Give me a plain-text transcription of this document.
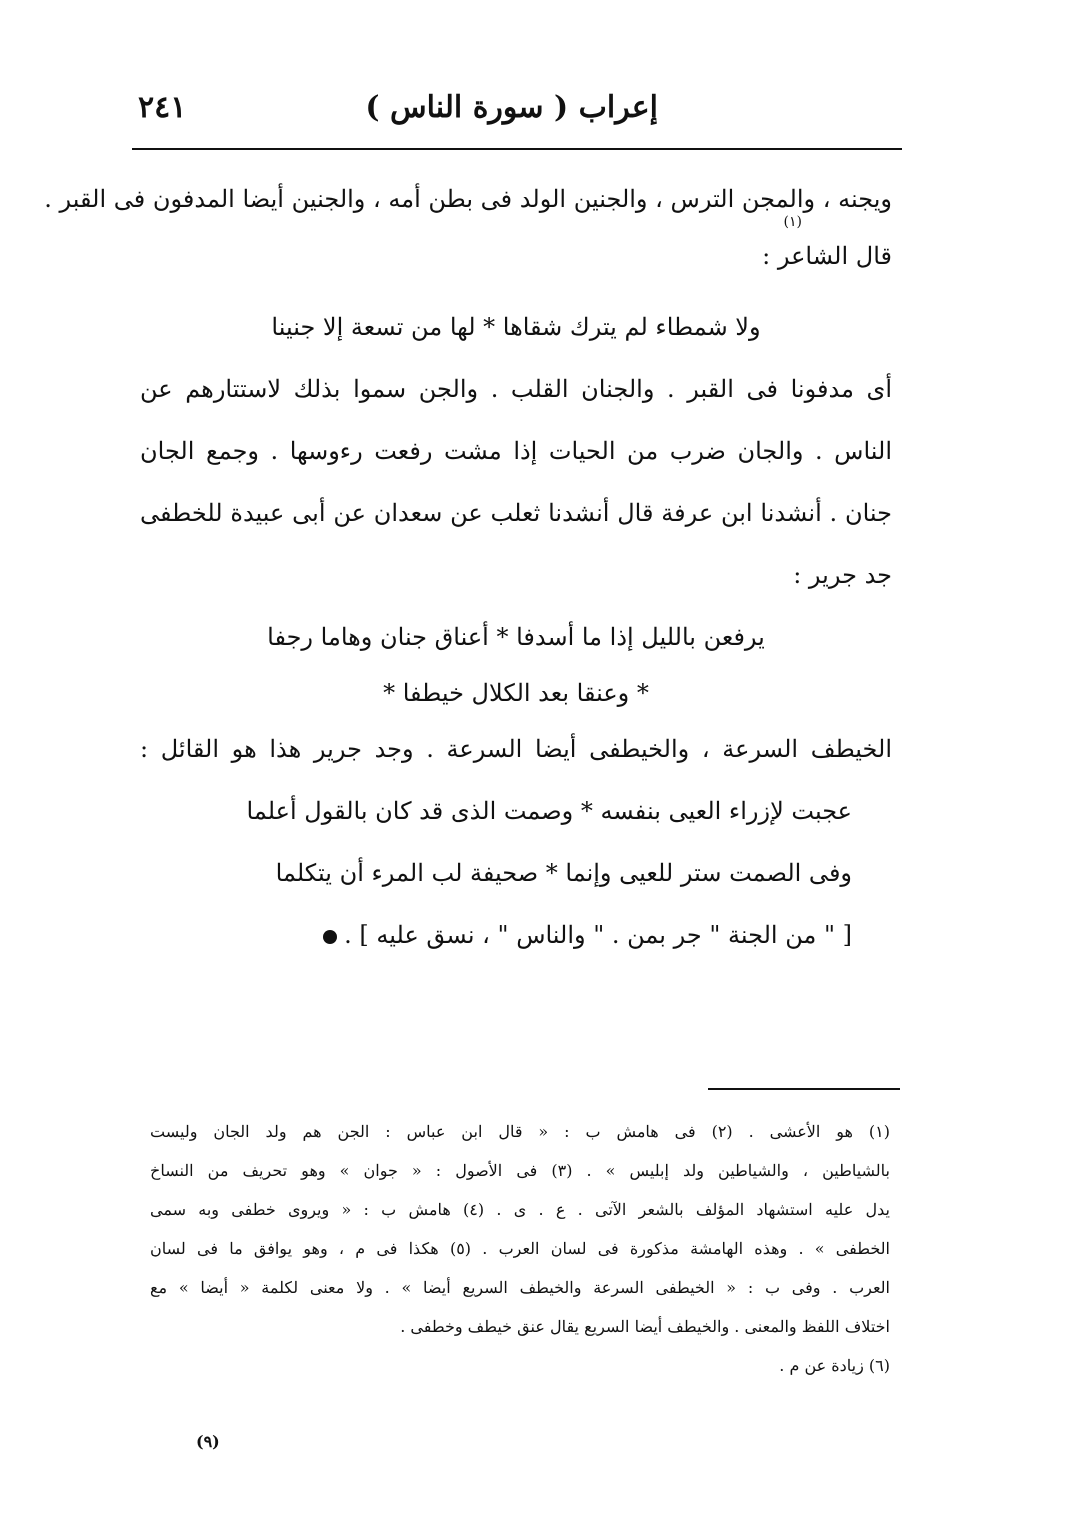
إعراب ( سورة الناس )
٢٤١
ويجنه ، والمجن الترس ، والجنين الولد فى بطن أمه ، والجنين أيضا المدفون فى القبر .
(١)
قال الشاعر :
ولا شمطاء لم يترك شقاها * لها من تسعة إلا جنينا
أى مدفونا فى القبر . والجنان القلب . والجن سموا بذلك لاستتارهم عن
الناس . والجان ضرب من الحيات إذا مشت رفعت رءوسها . وجمع الجان
جنان . أنشدنا ابن عرفة قال أنشدنا ثعلب عن سعدان عن أبى عبيدة للخطفى
جد جرير :
يرفعن بالليل إذا ما أسدفا * أعناق جنان وهاما رجفا
* وعنقا بعد الكلال خيطفا *
الخيطف السرعة ، والخيطفى أيضا السرعة . وجد جرير هذا هو القائل :
عجبت لإزراء العيى بنفسه * وصمت الذى قد كان بالقول أعلما
وفى الصمت ستر للعيى وإنما * صحيفة لب المرء أن يتكلما
[ " من الجنة " جر بمن . " والناس " ، نسق عليه ] .
(١) هو الأعشى . (٢) فى هامش ب : « قال ابن عباس : الجن هم ولد الجان وليست
بالشياطين ، والشياطين ولد إبليس » . (٣) فى الأصول : « جوان » وهو تحريف من النساخ
يدل عليه استشهاد المؤلف بالشعر الآتى . ع . ى . (٤) هامش ب : « ويروى خطفى وبه سمى
الخطفى » . وهذه الهامشة مذكورة فى لسان العرب . (٥) هكذا فى م ، وهو يوافق ما فى لسان
العرب . وفى ب : « الخيطفى السرعة والخيطف السريع أيضا » . ولا معنى لكلمة « أيضا » مع
اختلاف اللفظ والمعنى . والخيطف أيضا السريع يقال عنق خيطف وخطفى .
(٦) زيادة عن م .
(٩)
